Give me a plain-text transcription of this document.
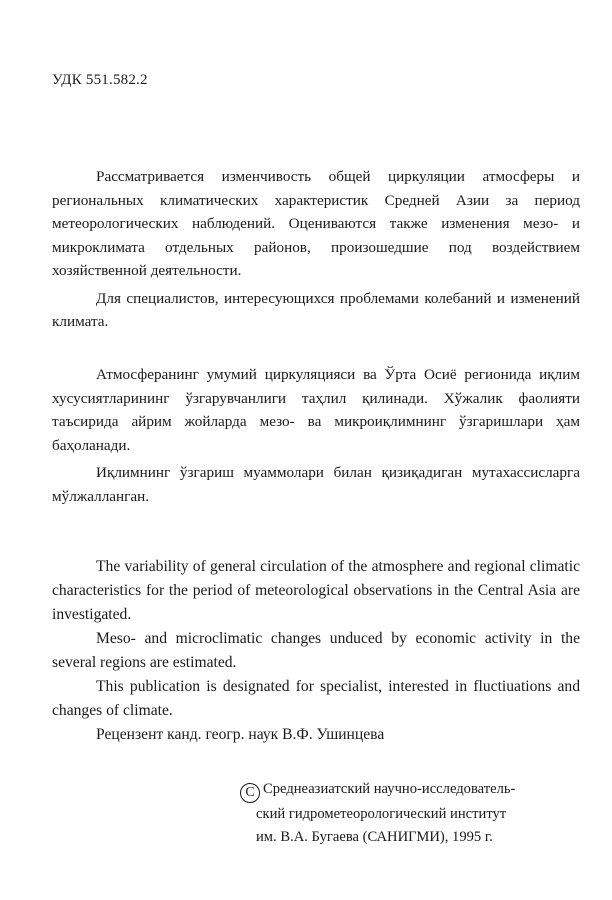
УДК 551.582.2

Рассматривается изменчивость общей циркуляции атмосферы и региональных климатических характеристик Средней Азии за период метеорологических наблюдений. Оцениваются также изменения мезо- и микроклимата отдельных районов, произошедшие под воздействием хозяйственной деятельности.

Для специалистов, интересующихся проблемами колебаний и изменений климата.

Атмосферанинг умумий циркуляцияси ва Ўрта Осиё регионида иқлим хусусиятларининг ўзгарувчанлиги таҳлил қилинади. Хўжалик фаолияти таъсирида айрим жойларда мезо- ва микроиқлимнинг ўзгаришлари ҳам баҳоланади.

Иқлимнинг ўзгариш муаммолари билан қизиқадиган мутахассисларга мўлжалланган.

The variability of general circulation of the atmosphere and regional climatic characteristics for the period of meteorological observations in the Central Asia are investigated.

Meso- and microclimatic changes unduced by economic activity in the several regions are estimated.

This publication is designated for specialist, interested in fluctiuations and changes of climate.

Рецензент канд. геогр. наук В.Ф. Ушинцева

C Среднеазиатский научно-исследователь-
ский гидрометеорологический институт
им. В.А. Бугаева (САНИГМИ), 1995 г.
